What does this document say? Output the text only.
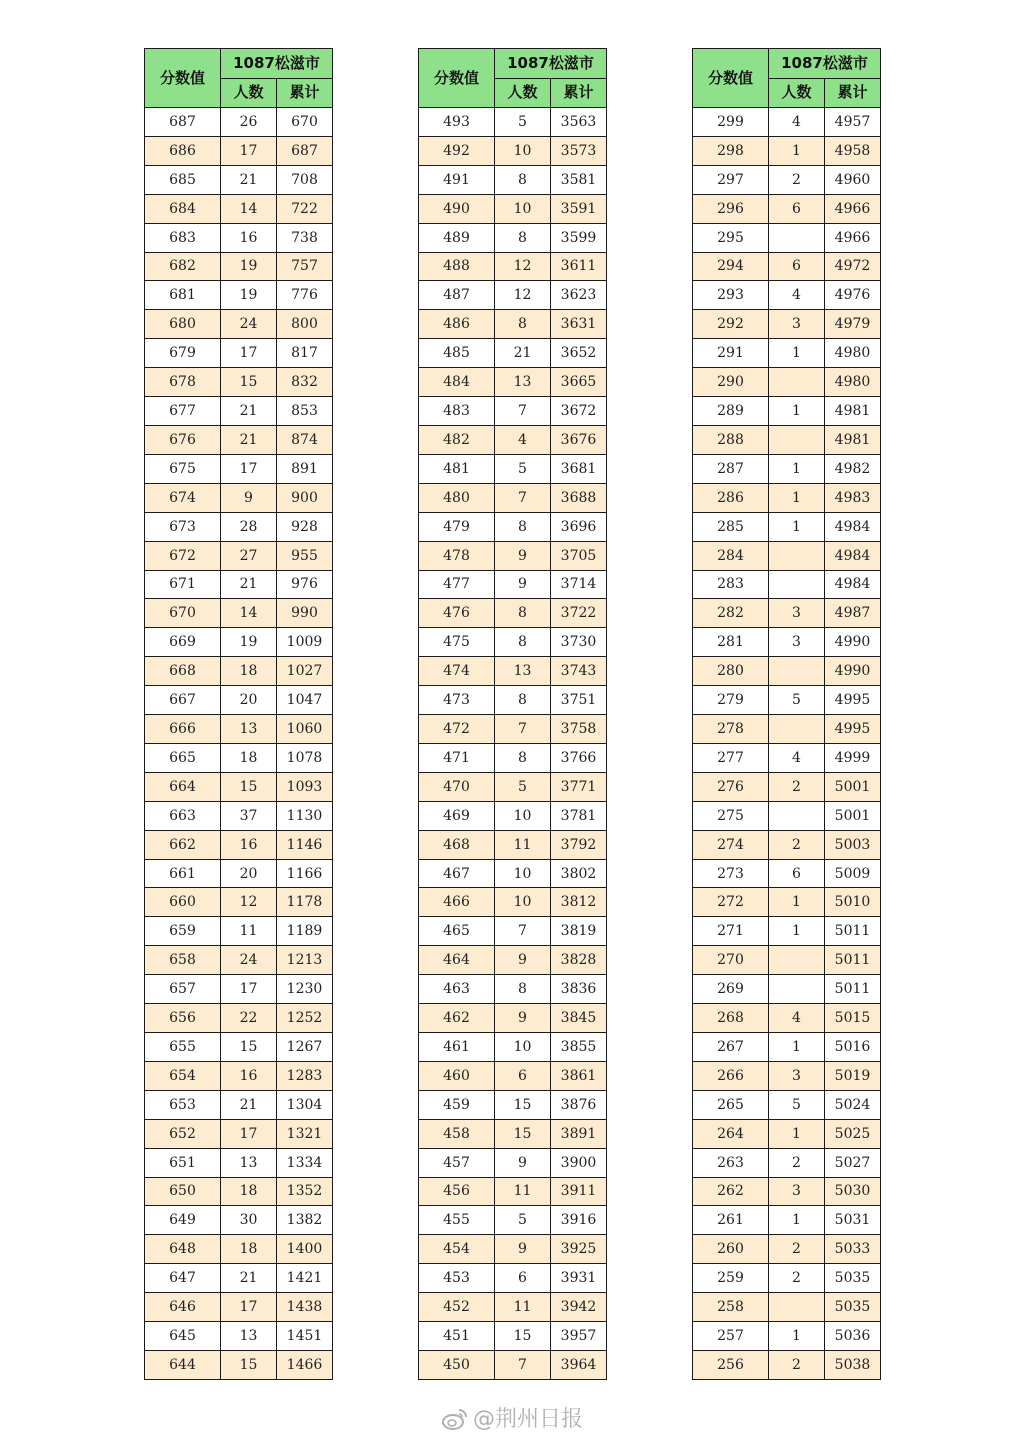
分数值	1087松滋市	
	人数	累计
687	26	670
686	17	687
685	21	708
684	14	722
683	16	738
682	19	757
681	19	776
680	24	800
679	17	817
678	15	832
677	21	853
676	21	874
675	17	891
674	9	900
673	28	928
672	27	955
671	21	976
670	14	990
669	19	1009
668	18	1027
667	20	1047
666	13	1060
665	18	1078
664	15	1093
663	37	1130
662	16	1146
661	20	1166
660	12	1178
659	11	1189
658	24	1213
657	17	1230
656	22	1252
655	15	1267
654	16	1283
653	21	1304
652	17	1321
651	13	1334
650	18	1352
649	30	1382
648	18	1400
647	21	1421
646	17	1438
645	13	1451
644	15	1466
分数值	1087松滋市	
	人数	累计
493	5	3563
492	10	3573
491	8	3581
490	10	3591
489	8	3599
488	12	3611
487	12	3623
486	8	3631
485	21	3652
484	13	3665
483	7	3672
482	4	3676
481	5	3681
480	7	3688
479	8	3696
478	9	3705
477	9	3714
476	8	3722
475	8	3730
474	13	3743
473	8	3751
472	7	3758
471	8	3766
470	5	3771
469	10	3781
468	11	3792
467	10	3802
466	10	3812
465	7	3819
464	9	3828
463	8	3836
462	9	3845
461	10	3855
460	6	3861
459	15	3876
458	15	3891
457	9	3900
456	11	3911
455	5	3916
454	9	3925
453	6	3931
452	11	3942
451	15	3957
450	7	3964
分数值	1087松滋市	
	人数	累计
299	4	4957
298	1	4958
297	2	4960
296	6	4966
295		4966
294	6	4972
293	4	4976
292	3	4979
291	1	4980
290		4980
289	1	4981
288		4981
287	1	4982
286	1	4983
285	1	4984
284		4984
283		4984
282	3	4987
281	3	4990
280		4990
279	5	4995
278		4995
277	4	4999
276	2	5001
275		5001
274	2	5003
273	6	5009
272	1	5010
271	1	5011
270		5011
269		5011
268	4	5015
267	1	5016
266	3	5019
265	5	5024
264	1	5025
263	2	5027
262	3	5030
261	1	5031
260	2	5033
259	2	5035
258		5035
257	1	5036
256	2	5038
@荆州日报
